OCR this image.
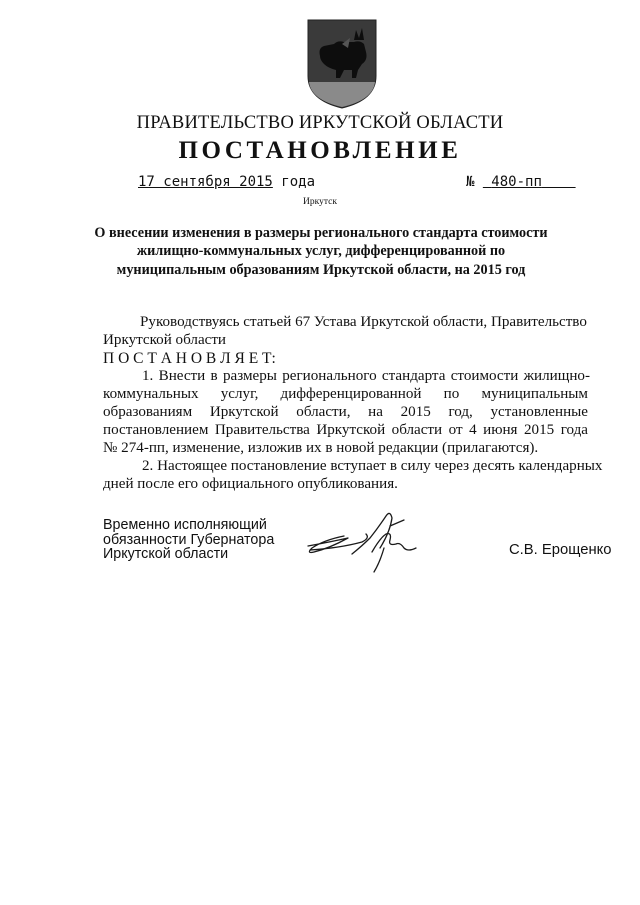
ПРАВИТЕЛЬСТВО ИРКУТСКОЙ ОБЛАСТИ
ПОСТАНОВЛЕНИЕ
17 сентября 2015 года	№  480-пп
Иркутск
О внесении изменения в размеры регионального стандарта стоимости
жилищно-коммунальных услуг, дифференцированной по
муниципальным образованиям Иркутской области, на 2015 год
Руководствуясь статьей 67 Устава Иркутской области, Правительство
Иркутской области
П О С Т А Н О В Л Я Е Т:
1. Внести в размеры регионального стандарта стоимости жилищно-
коммунальных услуг, дифференцированной по муниципальным
образованиям Иркутской области, на 2015 год, установленные
постановлением Правительства Иркутской области от 4 июня 2015 года
№ 274-пп, изменение, изложив их в новой редакции (прилагаются).
2. Настоящее постановление вступает в силу через десять календарных
дней после его официального опубликования.
Временно исполняющий
обязанности Губернатора
Иркутской области	С.В. Ерощенко
